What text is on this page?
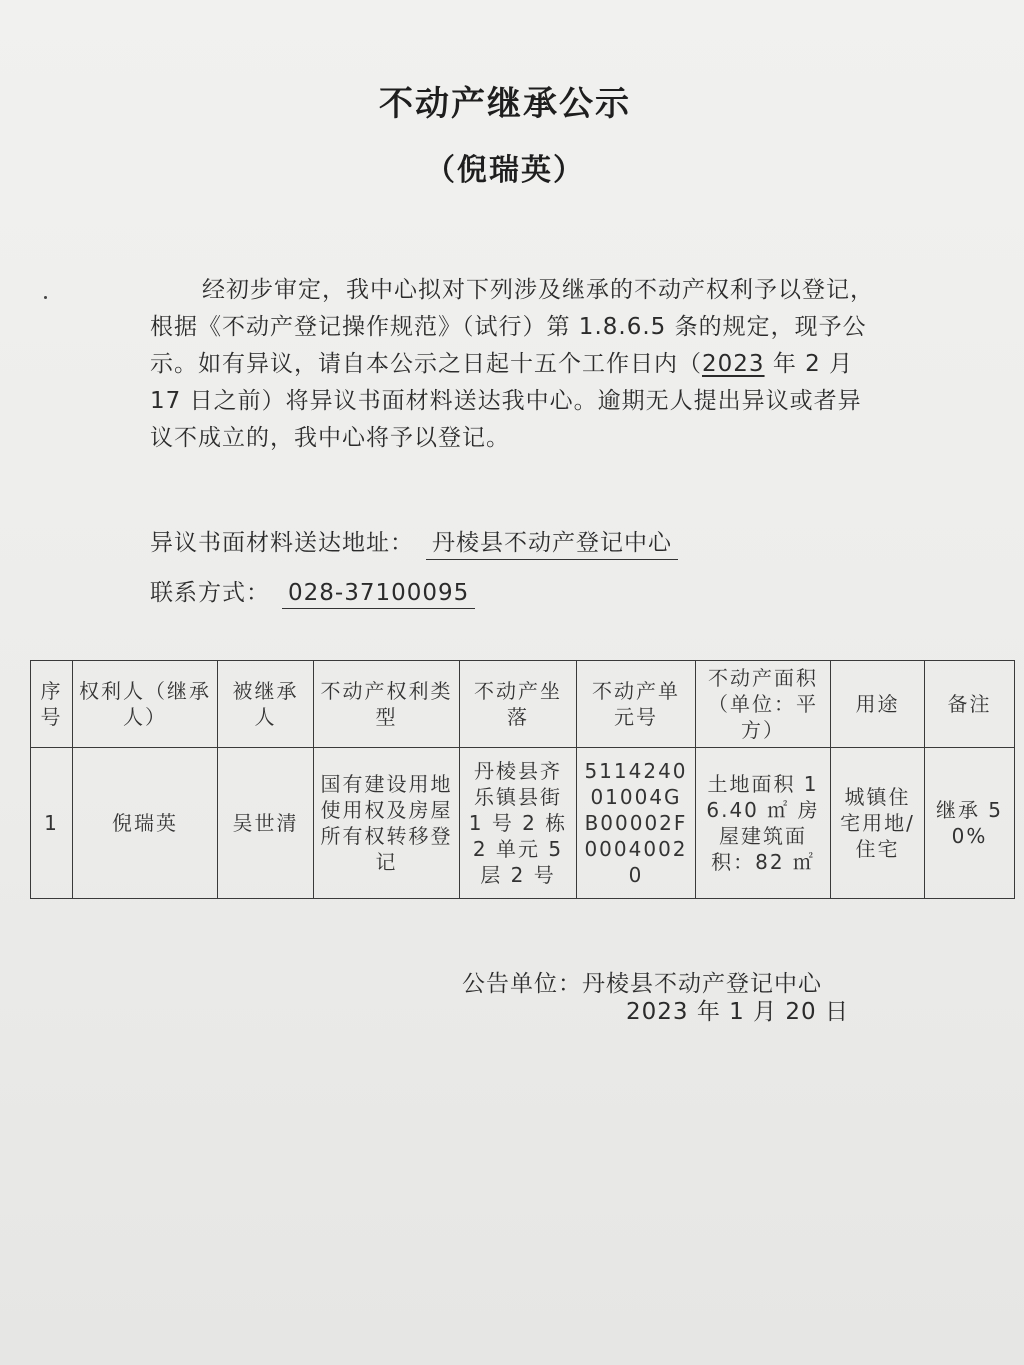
不动产继承公示
（倪瑞英）

经初步审定，我中心拟对下列涉及继承的不动产权利予以登记，根据《不动产登记操作规范》（试行）第 1.8.6.5 条的规定，现予公示。如有异议，请自本公示之日起十五个工作日内（2023 年 2 月 17 日之前）将异议书面材料送达我中心。逾期无人提出异议或者异议不成立的，我中心将予以登记。

异议书面材料送达地址： 丹棱县不动产登记中心
联系方式： 028-37100095
序号	权利人（继承人）	被继承人	不动产权利类型	不动产坐落	不动产单元号	不动产面积（单位：平方）	用途	备注
1	倪瑞英	吴世清	国有建设用地使用权及房屋所有权转移登记	丹棱县齐乐镇县街 1 号 2 栋 2 单元 5 层 2 号	511424001004GB00002F00040020	土地面积 16.40 ㎡ 房屋建筑面积：82 ㎡	城镇住宅用地/住宅	继承 50%
公告单位：丹棱县不动产登记中心
2023 年 1 月 20 日
